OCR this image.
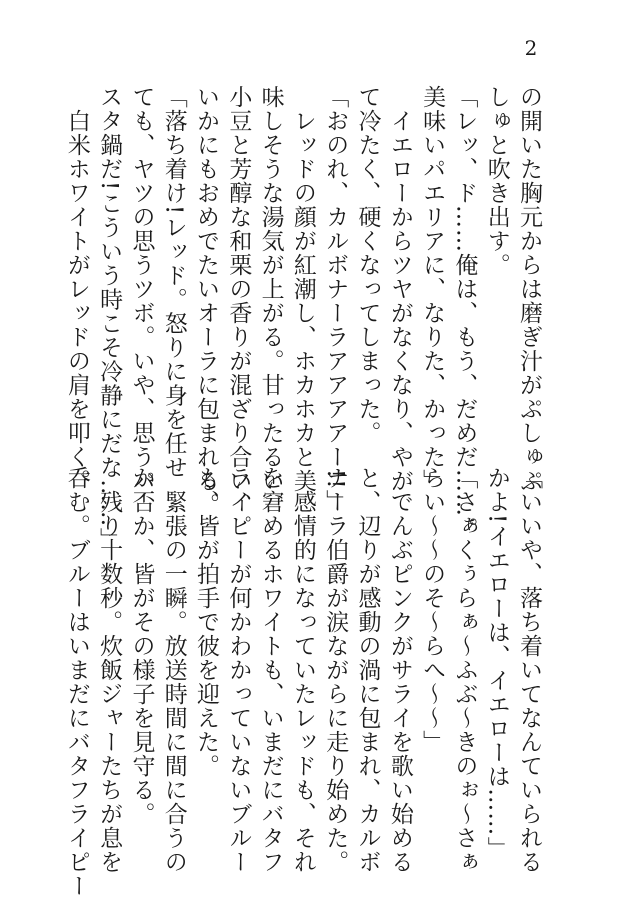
2
の開いた胸元からは磨ぎ汁がぷしゅぷ
しゅと吹き出す。
「レッ、ド……俺は、もう、だめだ……。
美味いパエリアに、なりた、かった」
　イエローからツヤがなくなり、やが
て冷たく、硬くなってしまった。
「おのれ、カルボナーラアアアアー!!」
　レッドの顔が紅潮し、ホカホカと美
味しそうな湯気が上がる。甘ったるい
小豆と芳醇な和栗の香りが混ざり合い、
いかにもおめでたいオーラに包まれる。
「落ち着け!レッド。怒りに身を任せ
ても、ヤツの思うツボ。いや、思うパ
スタ鍋だ!こういう時こそ冷静にだな……」
　白米ホワイトがレッドの肩を叩く。
「いいや、落ち着いてなんていられる
かよ!イエローは、イエローは……」
「さぁくぅらぁ〜ふぶ〜きのぉ〜さぁ
らい〜〜のそ〜らへ〜〜」
　でんぶピンクがサライを歌い始める
と、辺りが感動の渦に包まれ、カルボ
ナーラ伯爵が涙ながらに走り始めた。
　感情的になっていたレッドも、それ
を窘めるホワイトも、いまだにバタフ
ライピーが何かわかっていないブルー
も、皆が拍手で彼を迎えた。
　緊張の一瞬。放送時間に間に合うの
か否か、皆がその様子を見守る。
　残り十数秒。炊飯ジャーたちが息を
呑む。ブルーはいまだにバタフライピー
